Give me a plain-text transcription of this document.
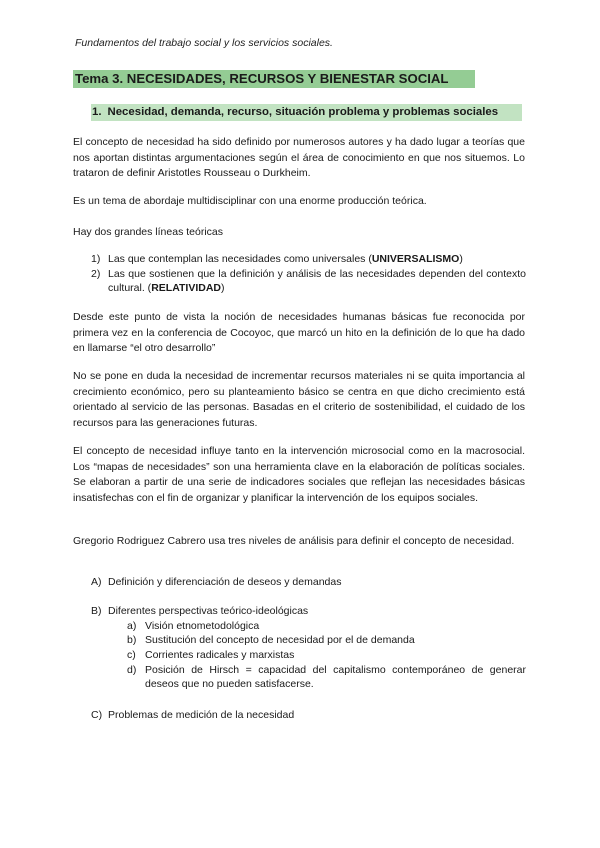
Fundamentos del trabajo social y los servicios sociales.
Tema 3. NECESIDADES, RECURSOS Y BIENESTAR SOCIAL
1. Necesidad, demanda, recurso, situación problema y problemas sociales

El concepto de necesidad ha sido definido por numerosos autores y ha dado lugar a teorías que nos aportan distintas argumentaciones según el área de conocimiento en que nos situemos. Lo trataron de definir Aristotles Rousseau o Durkheim.

Es un tema de abordaje multidisciplinar con una enorme producción teórica.

Hay dos grandes líneas teóricas

1) Las que contemplan las necesidades como universales (UNIVERSALISMO)
2) Las que sostienen que la definición y análisis de las necesidades dependen del contexto cultural. (RELATIVIDAD)

Desde este punto de vista la noción de necesidades humanas básicas fue reconocida por primera vez en la conferencia de Cocoyoc, que marcó un hito en la definición de lo que ha dado en llamarse “el otro desarrollo”

No se pone en duda la necesidad de incrementar recursos materiales ni se quita importancia al crecimiento económico, pero su planteamiento básico se centra en que dicho crecimiento está orientado al servicio de las personas. Basadas en el criterio de sostenibilidad, el cuidado de los recursos para las generaciones futuras.

El concepto de necesidad influye tanto en la intervención microsocial como en la macrosocial. Los “mapas de necesidades” son una herramienta clave en la elaboración de políticas sociales. Se elaboran a partir de una serie de indicadores sociales que reflejan las necesidades básicas insatisfechas con el fin de organizar y planificar la intervención de los equipos sociales.

Gregorio Rodriguez Cabrero usa tres niveles de análisis para definir el concepto de necesidad.

A) Definición y diferenciación de deseos y demandas
B) Diferentes perspectivas teórico-ideológicas
a) Visión etnometodológica
b) Sustitución del concepto de necesidad por el de demanda
c) Corrientes radicales y marxistas
d) Posición de Hirsch = capacidad del capitalismo contemporáneo de generar deseos que no pueden satisfacerse.
C) Problemas de medición de la necesidad
